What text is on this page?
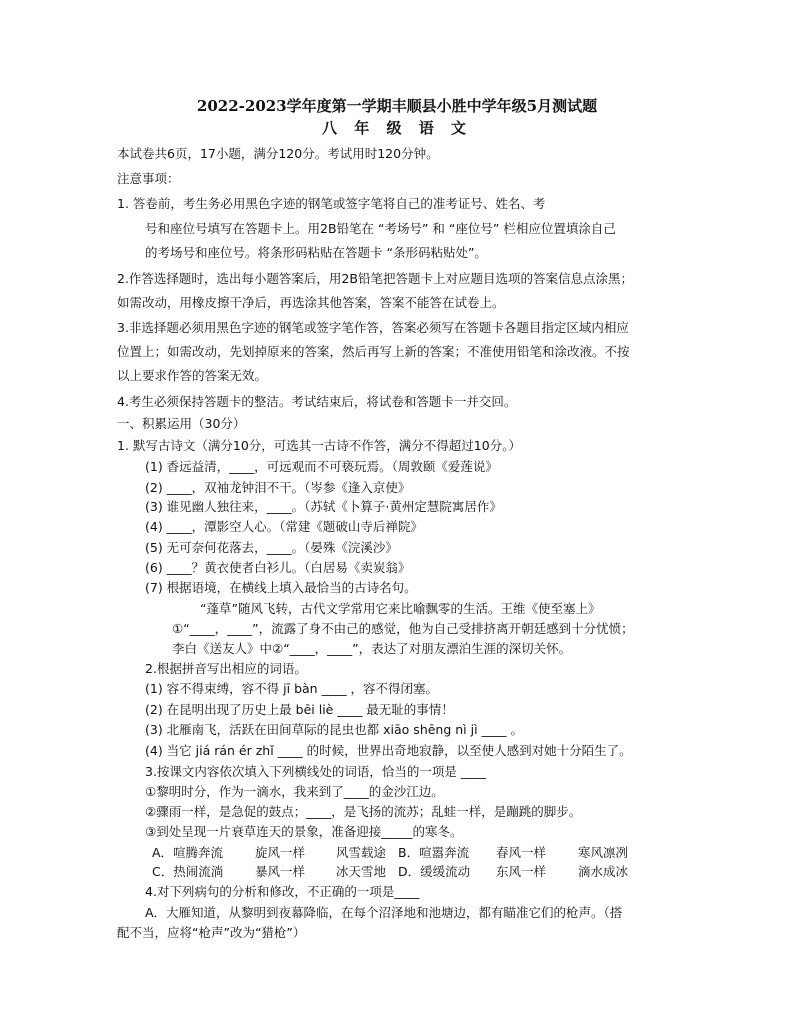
2022-2023学年度第一学期丰顺县小胜中学年级5月测试题
八 年 级 语 文
本试卷共6页，17小题，满分120分。考试用时120分钟。
注意事项：
1. 答卷前，考生务必用黑色字迹的钢笔或签字笔将自己的准考证号、姓名、考
号和座位号填写在答题卡上。用2B铅笔在 “考场号” 和 “座位号” 栏相应位置填涂自己
的考场号和座位号。将条形码粘贴在答题卡 “条形码粘贴处”。
2.作答选择题时，选出每小题答案后，用2B铅笔把答题卡上对应题目选项的答案信息点涂黑；
如需改动，用橡皮擦干净后，再选涂其他答案，答案不能答在试卷上。
3.非选择题必须用黑色字迹的钢笔或签字笔作答，答案必须写在答题卡各题目指定区域内相应
位置上；如需改动，先划掉原来的答案，然后再写上新的答案；不准使用铅笔和涂改液。不按
以上要求作答的答案无效。
4.考生必须保持答题卡的整洁。考试结束后，将试卷和答题卡一并交回。
一、积累运用（30分）
1. 默写古诗文（满分10分，可选其一古诗不作答，满分不得超过10分。）
(1) 香远益清，____，可远观而不可亵玩焉。（周敦颐《爱莲说》
(2) ____，双袖龙钟泪不干。（岑参《逢入京使》
(3) 谁见幽人独往来，____。（苏轼《卜算子·黄州定慧院寓居作》
(4) ____，潭影空人心。（常建《题破山寺后禅院》
(5) 无可奈何花落去，____。（晏殊《浣溪沙》
(6) ____？黄衣使者白衫儿。（白居易《卖炭翁》
(7) 根据语境，在横线上填入最恰当的古诗名句。
“蓬草”随风飞转，古代文学常用它来比喻飘零的生活。王维《使至塞上》
①“____，____”，流露了身不由己的感觉，他为自己受排挤离开朝廷感到十分忧愤；
李白《送友人》中②“____，____”，表达了对朋友漂泊生涯的深切关怀。
2.根据拼音写出相应的词语。
(1) 容不得束缚，容不得 jī bàn ____ ，容不得闭塞。
(2) 在昆明出现了历史上最 bēi liè ____ 最无耻的事情！
(3) 北雁南飞，活跃在田间草际的昆虫也都 xiāo shēng nì jì ____ 。
(4) 当它 jiá rán ér zhǐ ____ 的时候，世界出奇地寂静，以至使人感到对她十分陌生了。
3.按课文内容依次填入下列横线处的词语，恰当的一项是 ____
①黎明时分，作为一滴水，我来到了____的金沙江边。
②骤雨一样，是急促的鼓点；____，是飞扬的流苏；乱蛙一样，是蹦跳的脚步。
③到处呈现一片衰草连天的景象，准备迎接_____的寒冬。
A．喧腾奔流	旋风一样 风雪载途 B．喧嚣奔流 春风一样	寒风凛冽
C．热闹流淌	暴风一样 冰天雪地 D．缓缓流动 东风一样	滴水成冰
4.对下列病句的分析和修改，不正确的一项是____
A．大雁知道，从黎明到夜幕降临，在每个沼泽地和池塘边，都有瞄准它们的枪声。（搭
配不当，应将“枪声”改为“猎枪”）
